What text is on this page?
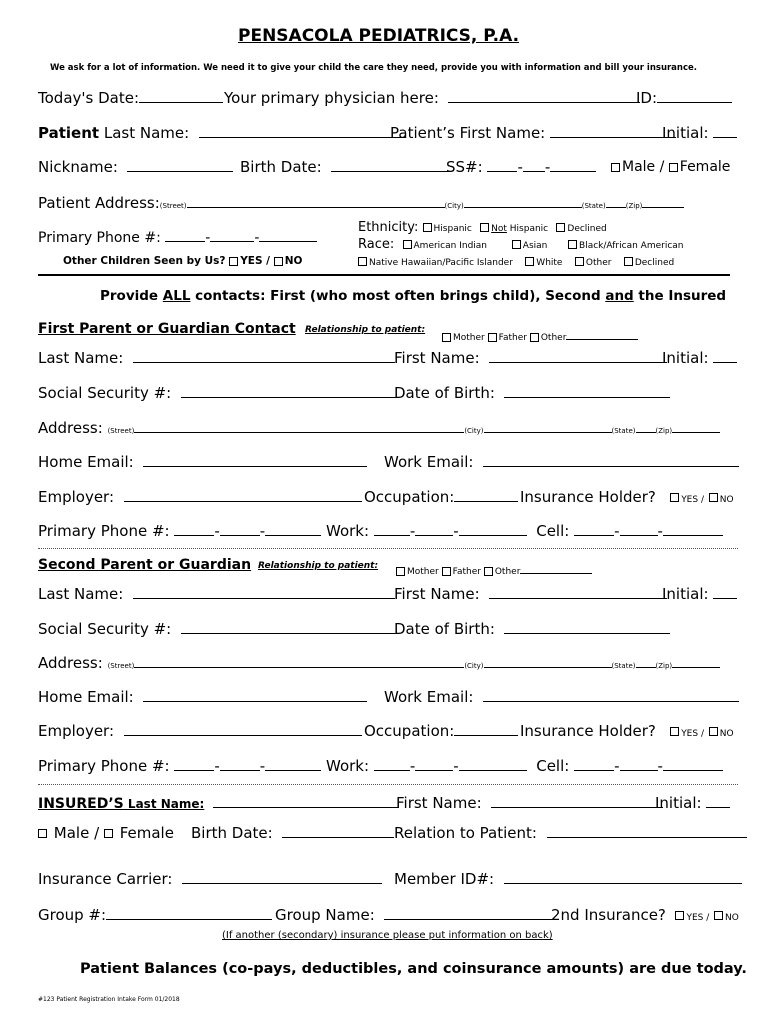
PENSACOLA PEDIATRICS, P.A.
We ask for a lot of information. We need it to give your child the care they need, provide you with information and bill your insurance.
Today's Date:	Your primary physician here:	ID:
Patient Last Name:	Patient’s First Name:	Initial:
Nickname:	Birth Date:	SS#: - -	Male / Female
Patient Address:(Street)	(City)	(State)	(Zip)
Primary Phone #:	-	-
Other Children Seen by Us? YES / NO
Ethnicity: Hispanic Not Hispanic Declined
Race: American Indian	Asian	Black/African American
Native Hawaiian/Pacific Islander	White	Other	Declined
Provide ALL contacts: First (who most often brings child), Second and the Insured
First Parent or Guardian Contact Relationship to patient:
Mother Father Other
Last Name:	First Name:	Initial:
Social Security #:	Date of Birth:
Address: (Street)	(City)	(State)	(Zip)
Home Email:	Work Email:
Employer:	Occupation:	Insurance Holder?	YES / NO
Primary Phone #:	-	-	Work:	-	-	Cell:	-	-
Second Parent or Guardian Relationship to patient:
Mother Father Other
Last Name:	First Name:	Initial:
Social Security #:	Date of Birth:
Address: (Street)	(City)	(State)	(Zip)
Home Email:	Work Email:
Employer:	Occupation:	Insurance Holder?	YES / NO
Primary Phone #:	-	-	Work:	-	-	Cell:	-	-
INSURED’S Last Name:	First Name:	Initial:
Male / Female Birth Date:	Relation to Patient:
Insurance Carrier:	Member ID#:
Group #:	Group Name:	2nd Insurance? YES / NO
(If another (secondary) insurance please put information on back)
Patient Balances (co-pays, deductibles, and coinsurance amounts) are due today.
#123 Patient Registration Intake Form 01/2018
